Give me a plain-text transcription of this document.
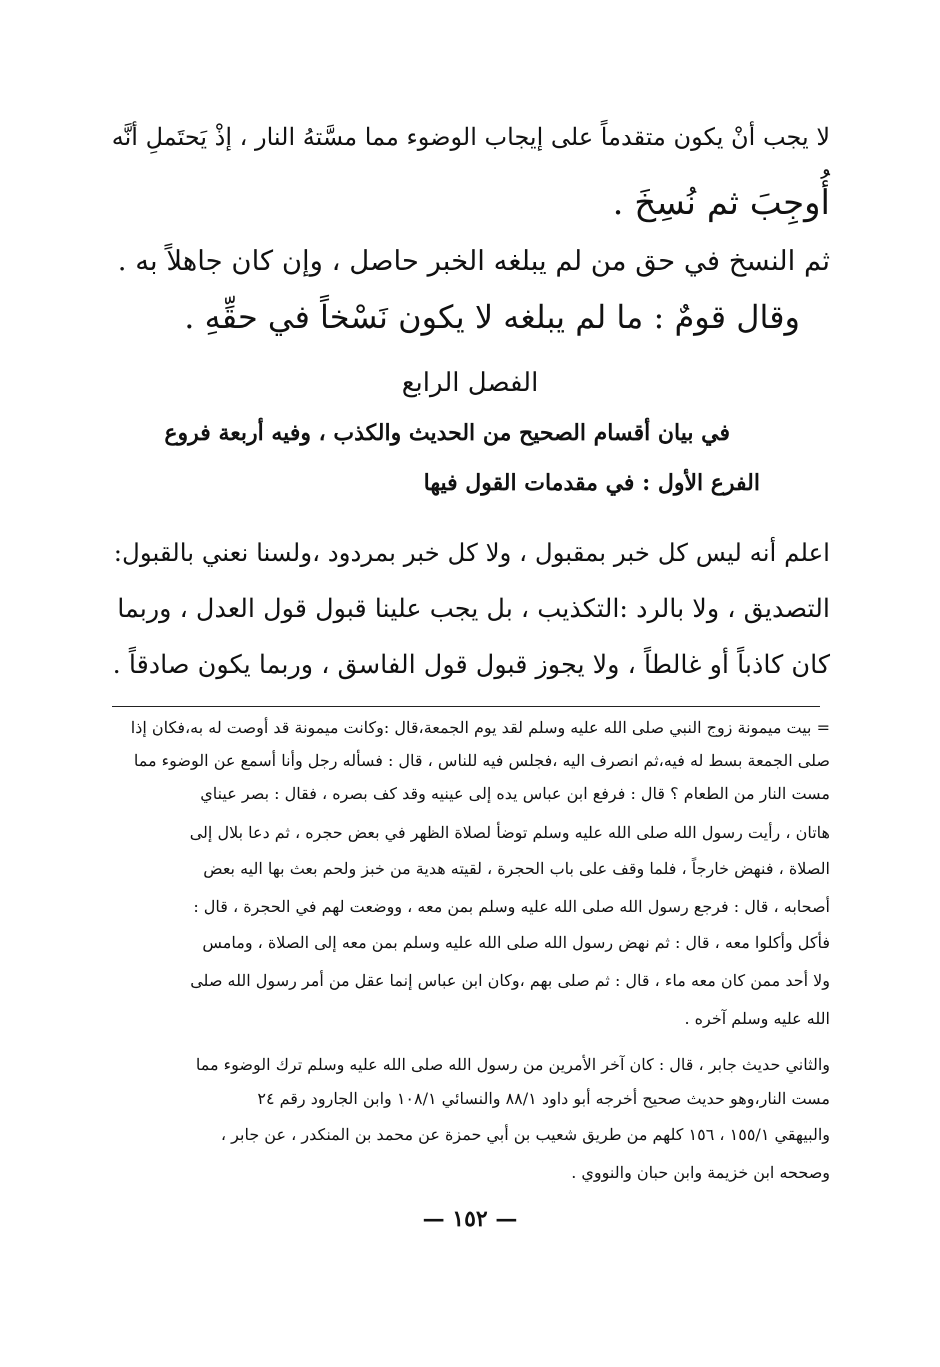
لا يجب أنْ يكون متقدماً على إيجاب الوضوء مما مسَّتهُ النار ، إذْ يَحتَملِ أنَّه
أُوجِبَ ثم نُسِخَ .
ثم النسخ في حق من لم يبلغه الخبر حاصل ، وإن كان جاهلاً به .
وقال قومٌ : ما لم يبلغه لا يكون نَسْخاً في حقِّهِ .
الفصل الرابع
في بيان أقسام الصحيح من الحديث والكذب ، وفيه أربعة فروع
الفرع الأول : في مقدمات القول فيها
اعلم أنه ليس كل خبر بمقبول ، ولا كل خبر بمردود ،ولسنا نعني بالقبول:
التصديق ، ولا بالرد :التكذيب ، بل يجب علينا قبول قول العدل ، وربما
كان كاذباً أو غالطاً ، ولا يجوز قبول قول الفاسق ، وربما يكون صادقاً .
= بيت ميمونة زوج النبي صلى الله عليه وسلم لقد يوم الجمعة،قال :وكانت ميمونة قد أوصت له به،فكان إذا
صلى الجمعة بسط له فيه،ثم انصرف اليه ،فجلس فيه للناس ، قال : فسأله رجل وأنا أسمع عن الوضوء مما
مست النار من الطعام ؟ قال : فرفع ابن عباس يده إلى عينيه وقد كف بصره ، فقال : بصر عيناي
هاتان ، رأيت رسول الله صلى الله عليه وسلم توضأ لصلاة الظهر في بعض حجره ، ثم دعا بلال إلى
الصلاة ، فنهض خارجاً ، فلما وقف على باب الحجرة ، لقيته هدية من خبز ولحم بعث بها اليه بعض
أصحابه ، قال : فرجع رسول الله صلى الله عليه وسلم بمن معه ، ووضعت لهم في الحجرة ، قال :
فأكل وأكلوا معه ، قال : ثم نهض رسول الله صلى الله عليه وسلم بمن معه إلى الصلاة ، ومامس
ولا أحد ممن كان معه ماء ، قال : ثم صلى بهم ،وكان ابن عباس إنما عقل من أمر رسول الله صلى
الله عليه وسلم آخره .
والثاني حديث جابر ، قال : كان آخر الأمرين من رسول الله صلى الله عليه وسلم ترك الوضوء مما
مست النار،وهو حديث صحيح أخرجه أبو داود ٨٨/١ والنسائي ١٠٨/١ وابن الجارود رقم ٢٤
والبيهقي ١٥٥/١ ، ١٥٦ كلهم من طريق شعيب بن أبي حمزة عن محمد بن المنكدر ، عن جابر ،
وصححه ابن خزيمة وابن حبان والنووي .
— ١٥٢ —
